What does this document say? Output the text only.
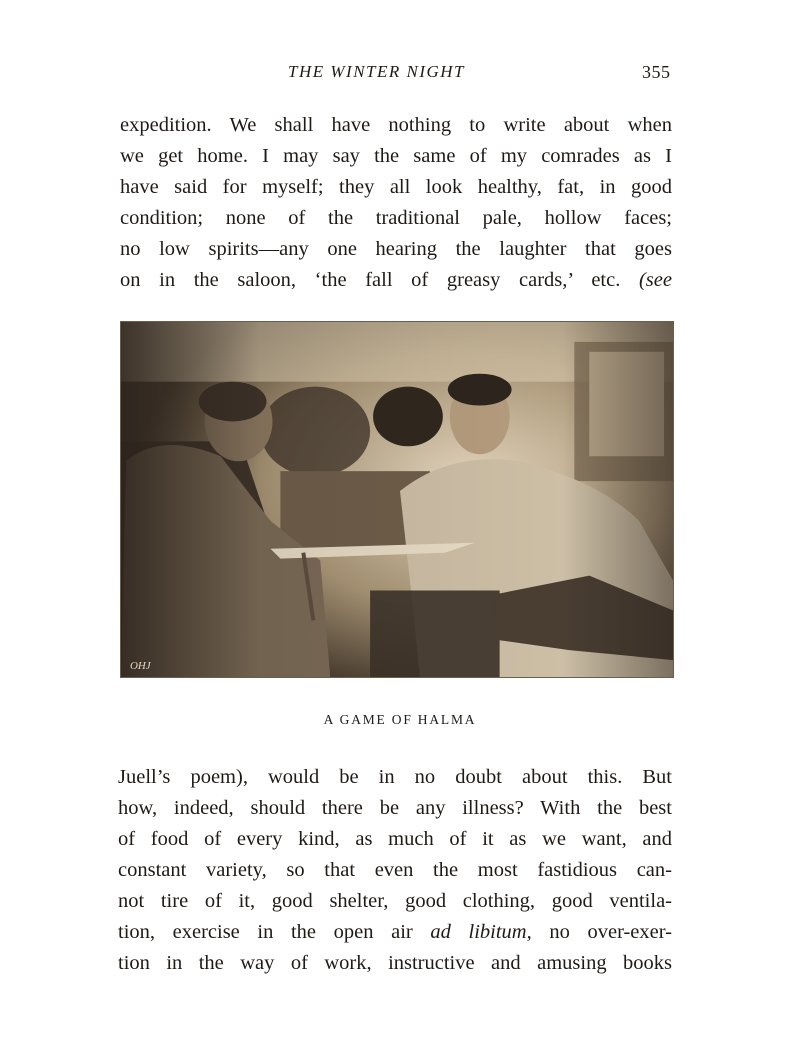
THE WINTER NIGHT	355
expedition. We shall have nothing to write about when
we get home. I may say the same of my comrades as I
have said for myself; they all look healthy, fat, in good
condition; none of the traditional pale, hollow faces;
no low spirits—any one hearing the laughter that goes
on in the saloon, ‘the fall of greasy cards,’ etc. (see
OHJ
A GAME OF HALMA
Juell’s poem), would be in no doubt about this. But
how, indeed, should there be any illness? With the best
of food of every kind, as much of it as we want, and
constant variety, so that even the most fastidious can-
not tire of it, good shelter, good clothing, good ventila-
tion, exercise in the open air ad libitum, no over-exer-
tion in the way of work, instructive and amusing books
